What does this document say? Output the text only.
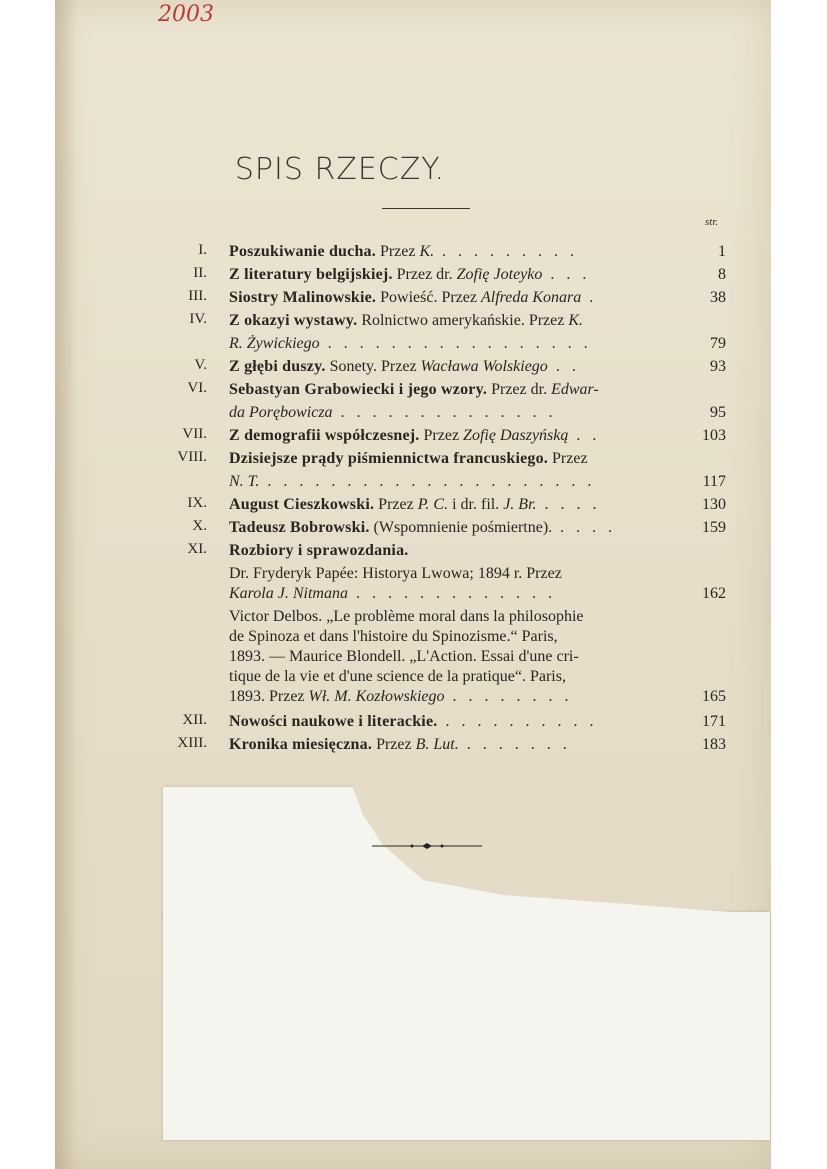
2003
SPIS RZECZY.
str.
I. Poszukiwanie ducha. Przez K. . . . . . . . . .	1
II. Z literatury belgijskiej. Przez dr. Zofię Joteyko . . .	8
III. Siostry Malinowskie. Powieść. Przez Alfreda Konara .	38
IV. Z okazyi wystawy. Rolnictwo amerykańskie. Przez K.
R. Żywickiego . . . . . . . . . . . . . . . . .	79
V. Z głębi duszy. Sonety. Przez Wacława Wolskiego . .	93
VI. Sebastyan Grabowiecki i jego wzory. Przez dr. Edwar-
da Porębowicza . . . . . . . . . . . . . .	95
VII. Z demografii współczesnej. Przez Zofię Daszyńską . .	103
VIII. Dzisiejsze prądy piśmiennictwa francuskiego. Przez
N. T. . . . . . . . . . . . . . . . . . . . . .	117
IX. August Cieszkowski. Przez P. C. i dr. fil. J. Br. . . . .	130
X. Tadeusz Bobrowski. (Wspomnienie pośmiertne). . . . .	159
XI. Rozbiory i sprawozdania.
Dr. Fryderyk Papée: Historya Lwowa; 1894 r. Przez
Karola J. Nitmana . . . . . . . . . . . . .	162
Victor Delbos. „Le problème moral dans la philosophie
de Spinoza et dans l'histoire du Spinozisme.“ Paris,
1893. — Maurice Blondell. „L'Action. Essai d'une cri-
tique de la vie et d'une science de la pratique“. Paris,
1893. Przez Wł. M. Kozłowskiego . . . . . . . .	165
XII. Nowości naukowe i literackie. . . . . . . . . . .	171
XIII. Kronika miesięczna. Przez B. Lut. . . . . . . .	183
